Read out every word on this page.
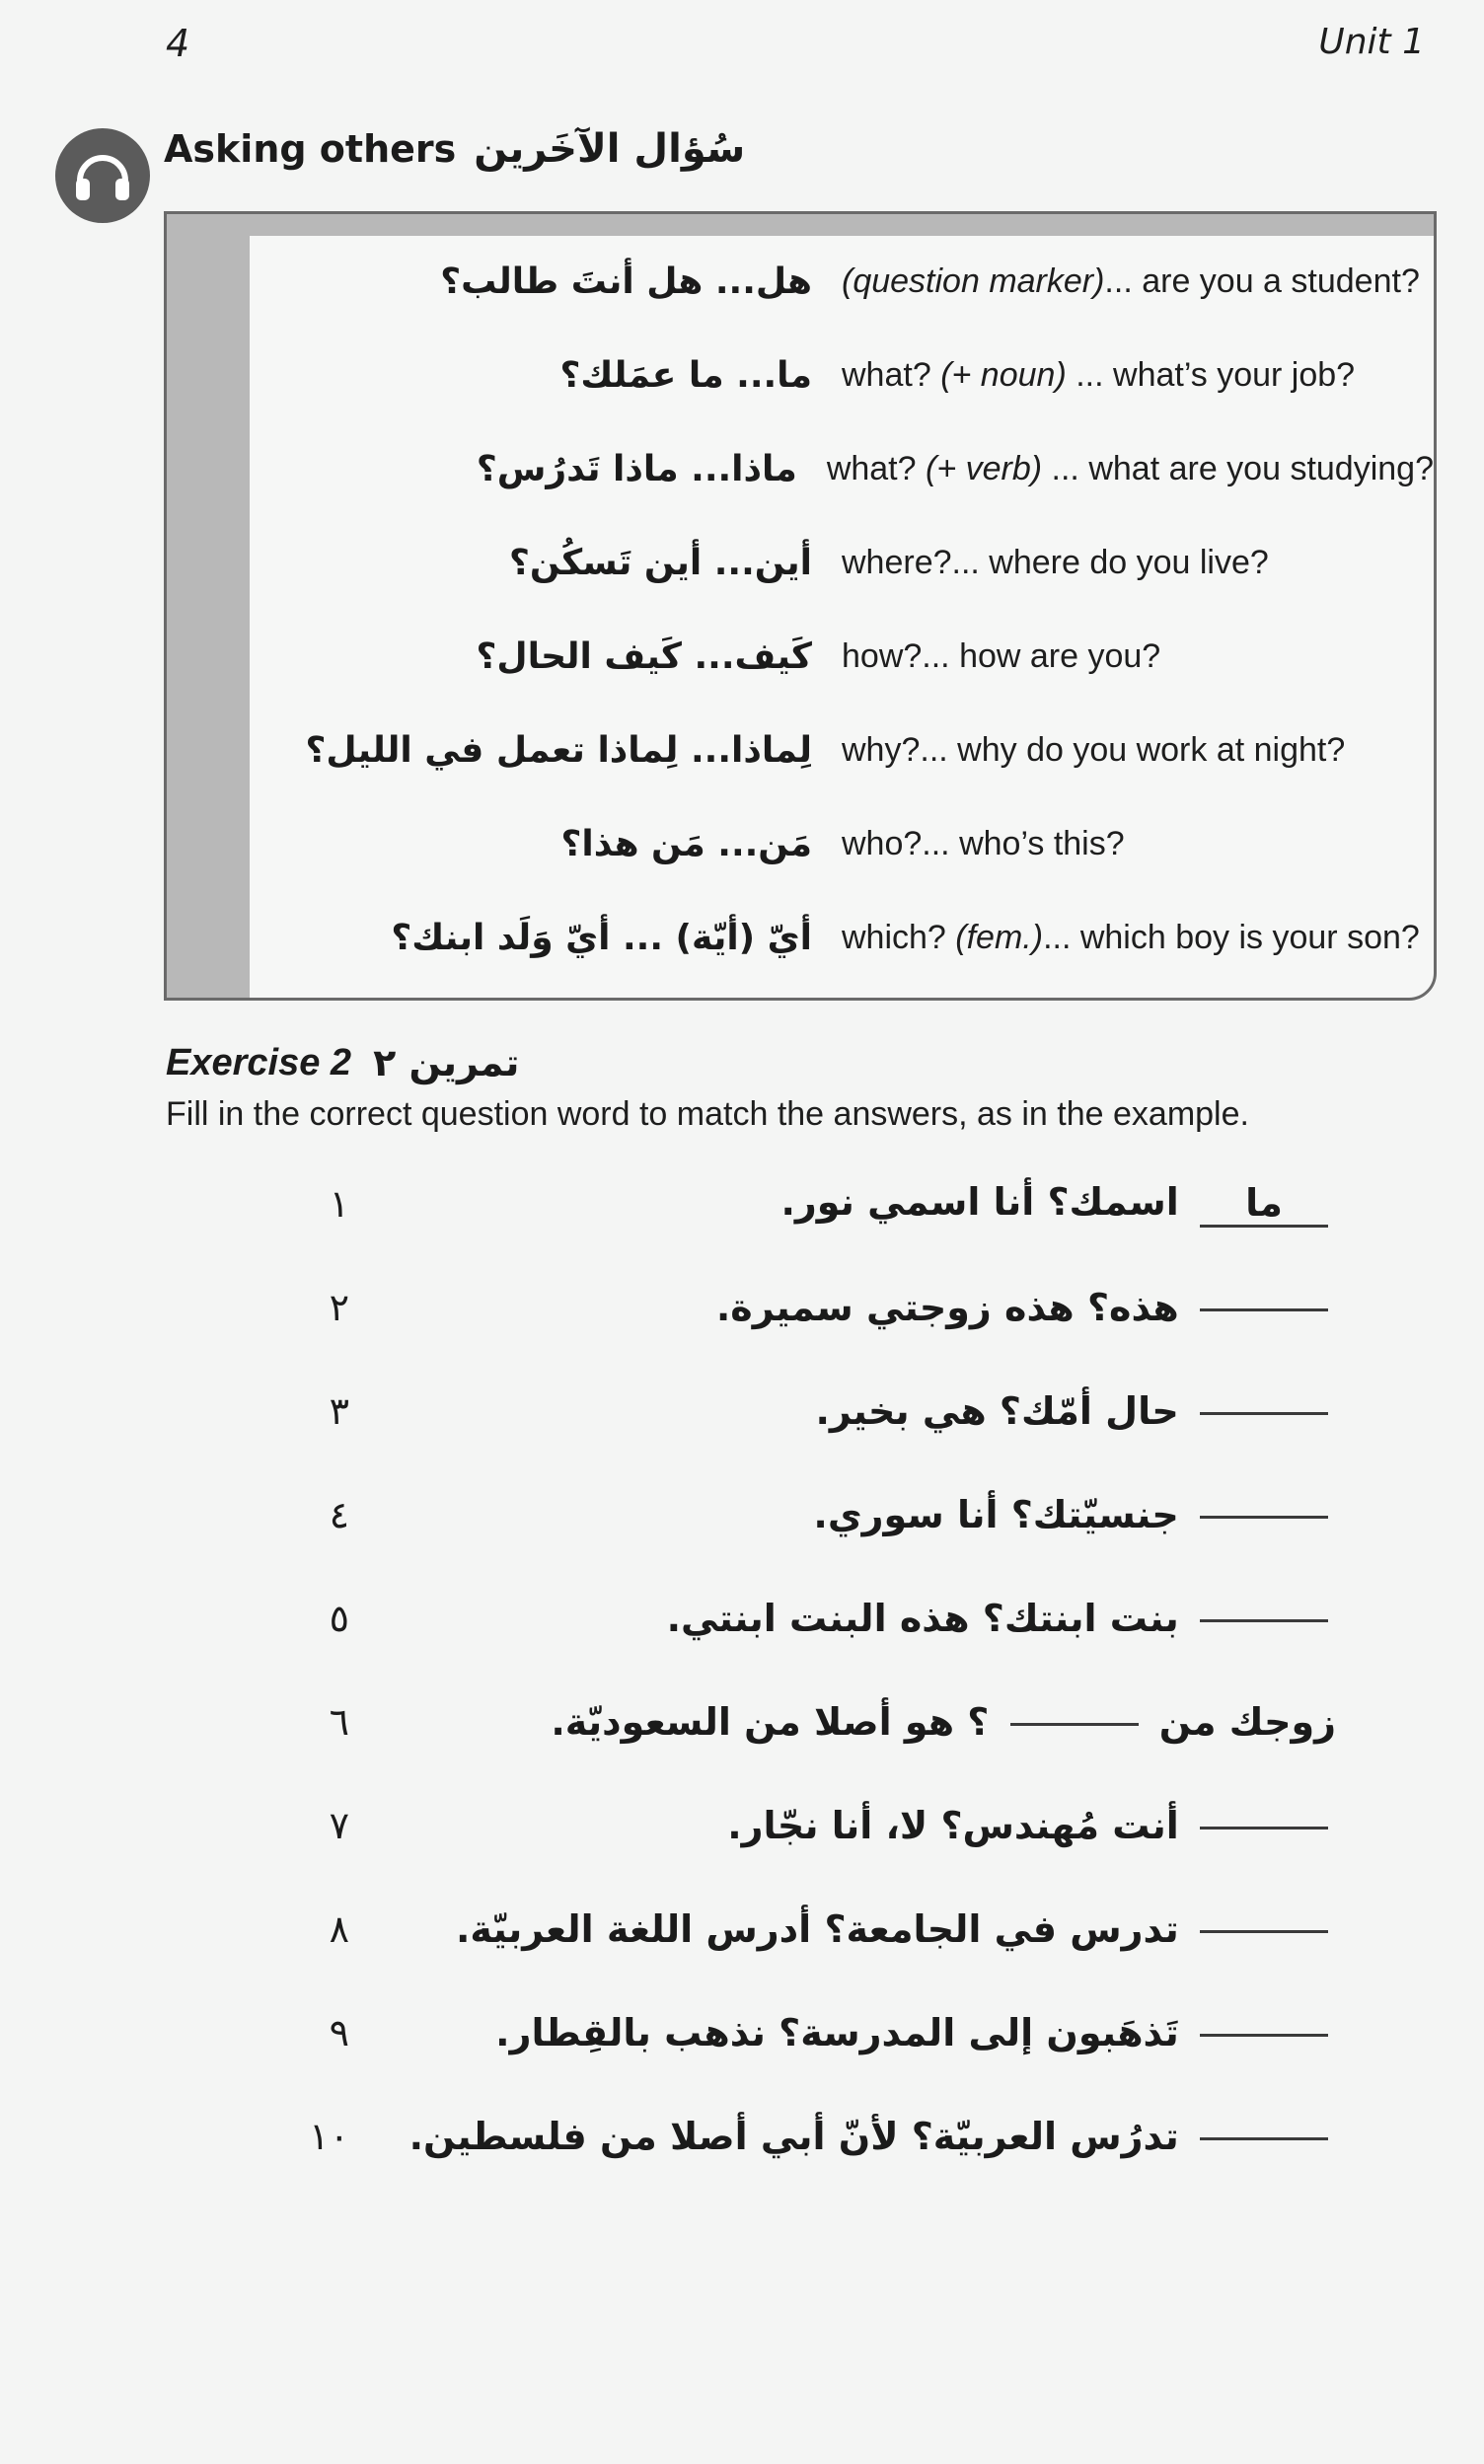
4	Unit 1
Asking others سُؤال الآخَرين
هل... هل أنتَ طالب؟ (question marker)... are you a student?
ما... ما عمَلك؟ what? (+ noun) ... what’s your job?
ماذا... ماذا تَدرُس؟ what? (+ verb) ... what are you studying?
أين... أين تَسكُن؟ where?... where do you live?
كَيف... كَيف الحال؟ how?... how are you?
لِماذا... لِماذا تعمل في الليل؟ why?... why do you work at night?
مَن... مَن هذا؟ who?... who’s this?
أيّ (أيّة) ... أيّ وَلَد ابنك؟ which? (fem.)... which boy is your son?
Exercise 2 تمرين ٢
Fill in the correct question word to match the answers, as in the example.
١	ما اسمك؟ أنا اسمي نور.
٢	هذه؟ هذه زوجتي سميرة.
٣	حال أمّك؟ هي بخير.
٤	جنسيّتك؟ أنا سوري.
٥	بنت ابنتك؟ هذه البنت ابنتي.
٦	زوجك من  ؟ هو أصلا من السعوديّة.
٧	أنت مُهندس؟ لا، أنا نجّار.
٨	تدرس في الجامعة؟ أدرس اللغة العربيّة.
٩	تَذهَبون إلى المدرسة؟ نذهب بالقِطار.
١٠	تدرُس العربيّة؟ لأنّ أبي أصلا من فلسطين.
